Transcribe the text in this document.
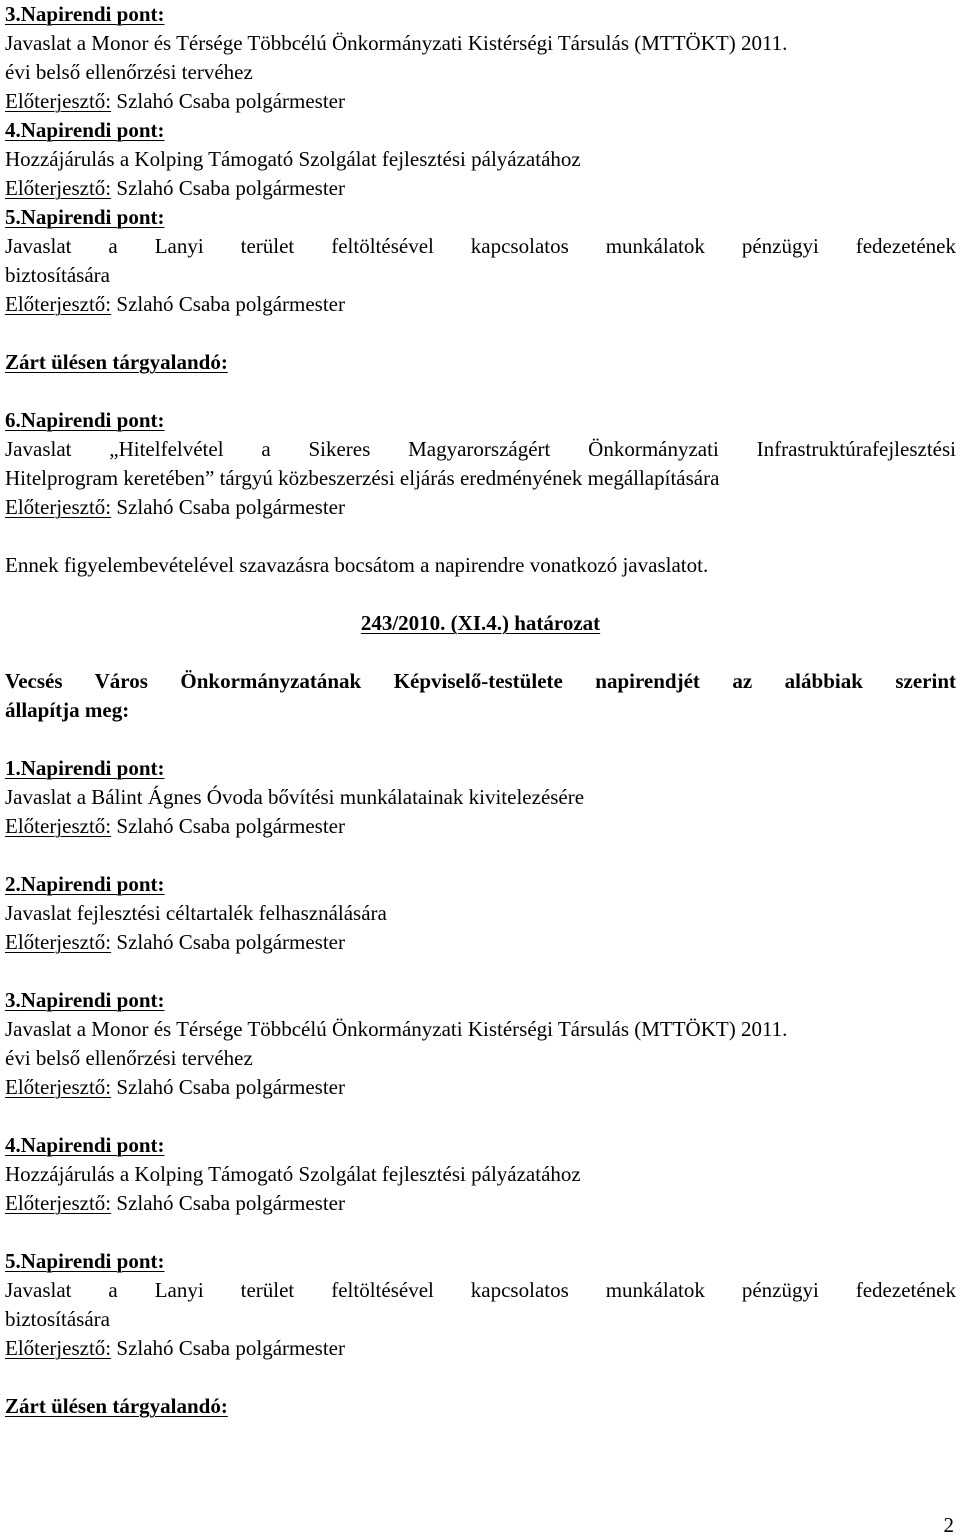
3.Napirendi pont:
Javaslat a Monor és Térsége Többcélú Önkormányzati Kistérségi Társulás (MTTÖKT) 2011.
évi belső ellenőrzési tervéhez
Előterjesztő: Szlahó Csaba polgármester
4.Napirendi pont:
Hozzájárulás a Kolping Támogató Szolgálat fejlesztési pályázatához
Előterjesztő: Szlahó Csaba polgármester
5.Napirendi pont:
Javaslat a Lanyi terület feltöltésével kapcsolatos munkálatok pénzügyi fedezetének
biztosítására
Előterjesztő: Szlahó Csaba polgármester
Zárt ülésen tárgyalandó:
6.Napirendi pont:
Javaslat „Hitelfelvétel a Sikeres Magyarországért Önkormányzati Infrastruktúrafejlesztési
Hitelprogram keretében” tárgyú közbeszerzési eljárás eredményének megállapítására
Előterjesztő: Szlahó Csaba polgármester
Ennek figyelembevételével szavazásra bocsátom a napirendre vonatkozó javaslatot.
243/2010. (XI.4.) határozat
Vecsés Város Önkormányzatának Képviselő-testülete napirendjét az alábbiak szerint
állapítja meg:
1.Napirendi pont:
Javaslat a Bálint Ágnes Óvoda bővítési munkálatainak kivitelezésére
Előterjesztő: Szlahó Csaba polgármester
2.Napirendi pont:
Javaslat fejlesztési céltartalék felhasználására
Előterjesztő: Szlahó Csaba polgármester
3.Napirendi pont:
Javaslat a Monor és Térsége Többcélú Önkormányzati Kistérségi Társulás (MTTÖKT) 2011.
évi belső ellenőrzési tervéhez
Előterjesztő: Szlahó Csaba polgármester
4.Napirendi pont:
Hozzájárulás a Kolping Támogató Szolgálat fejlesztési pályázatához
Előterjesztő: Szlahó Csaba polgármester
5.Napirendi pont:
Javaslat a Lanyi terület feltöltésével kapcsolatos munkálatok pénzügyi fedezetének
biztosítására
Előterjesztő: Szlahó Csaba polgármester
Zárt ülésen tárgyalandó:
2
